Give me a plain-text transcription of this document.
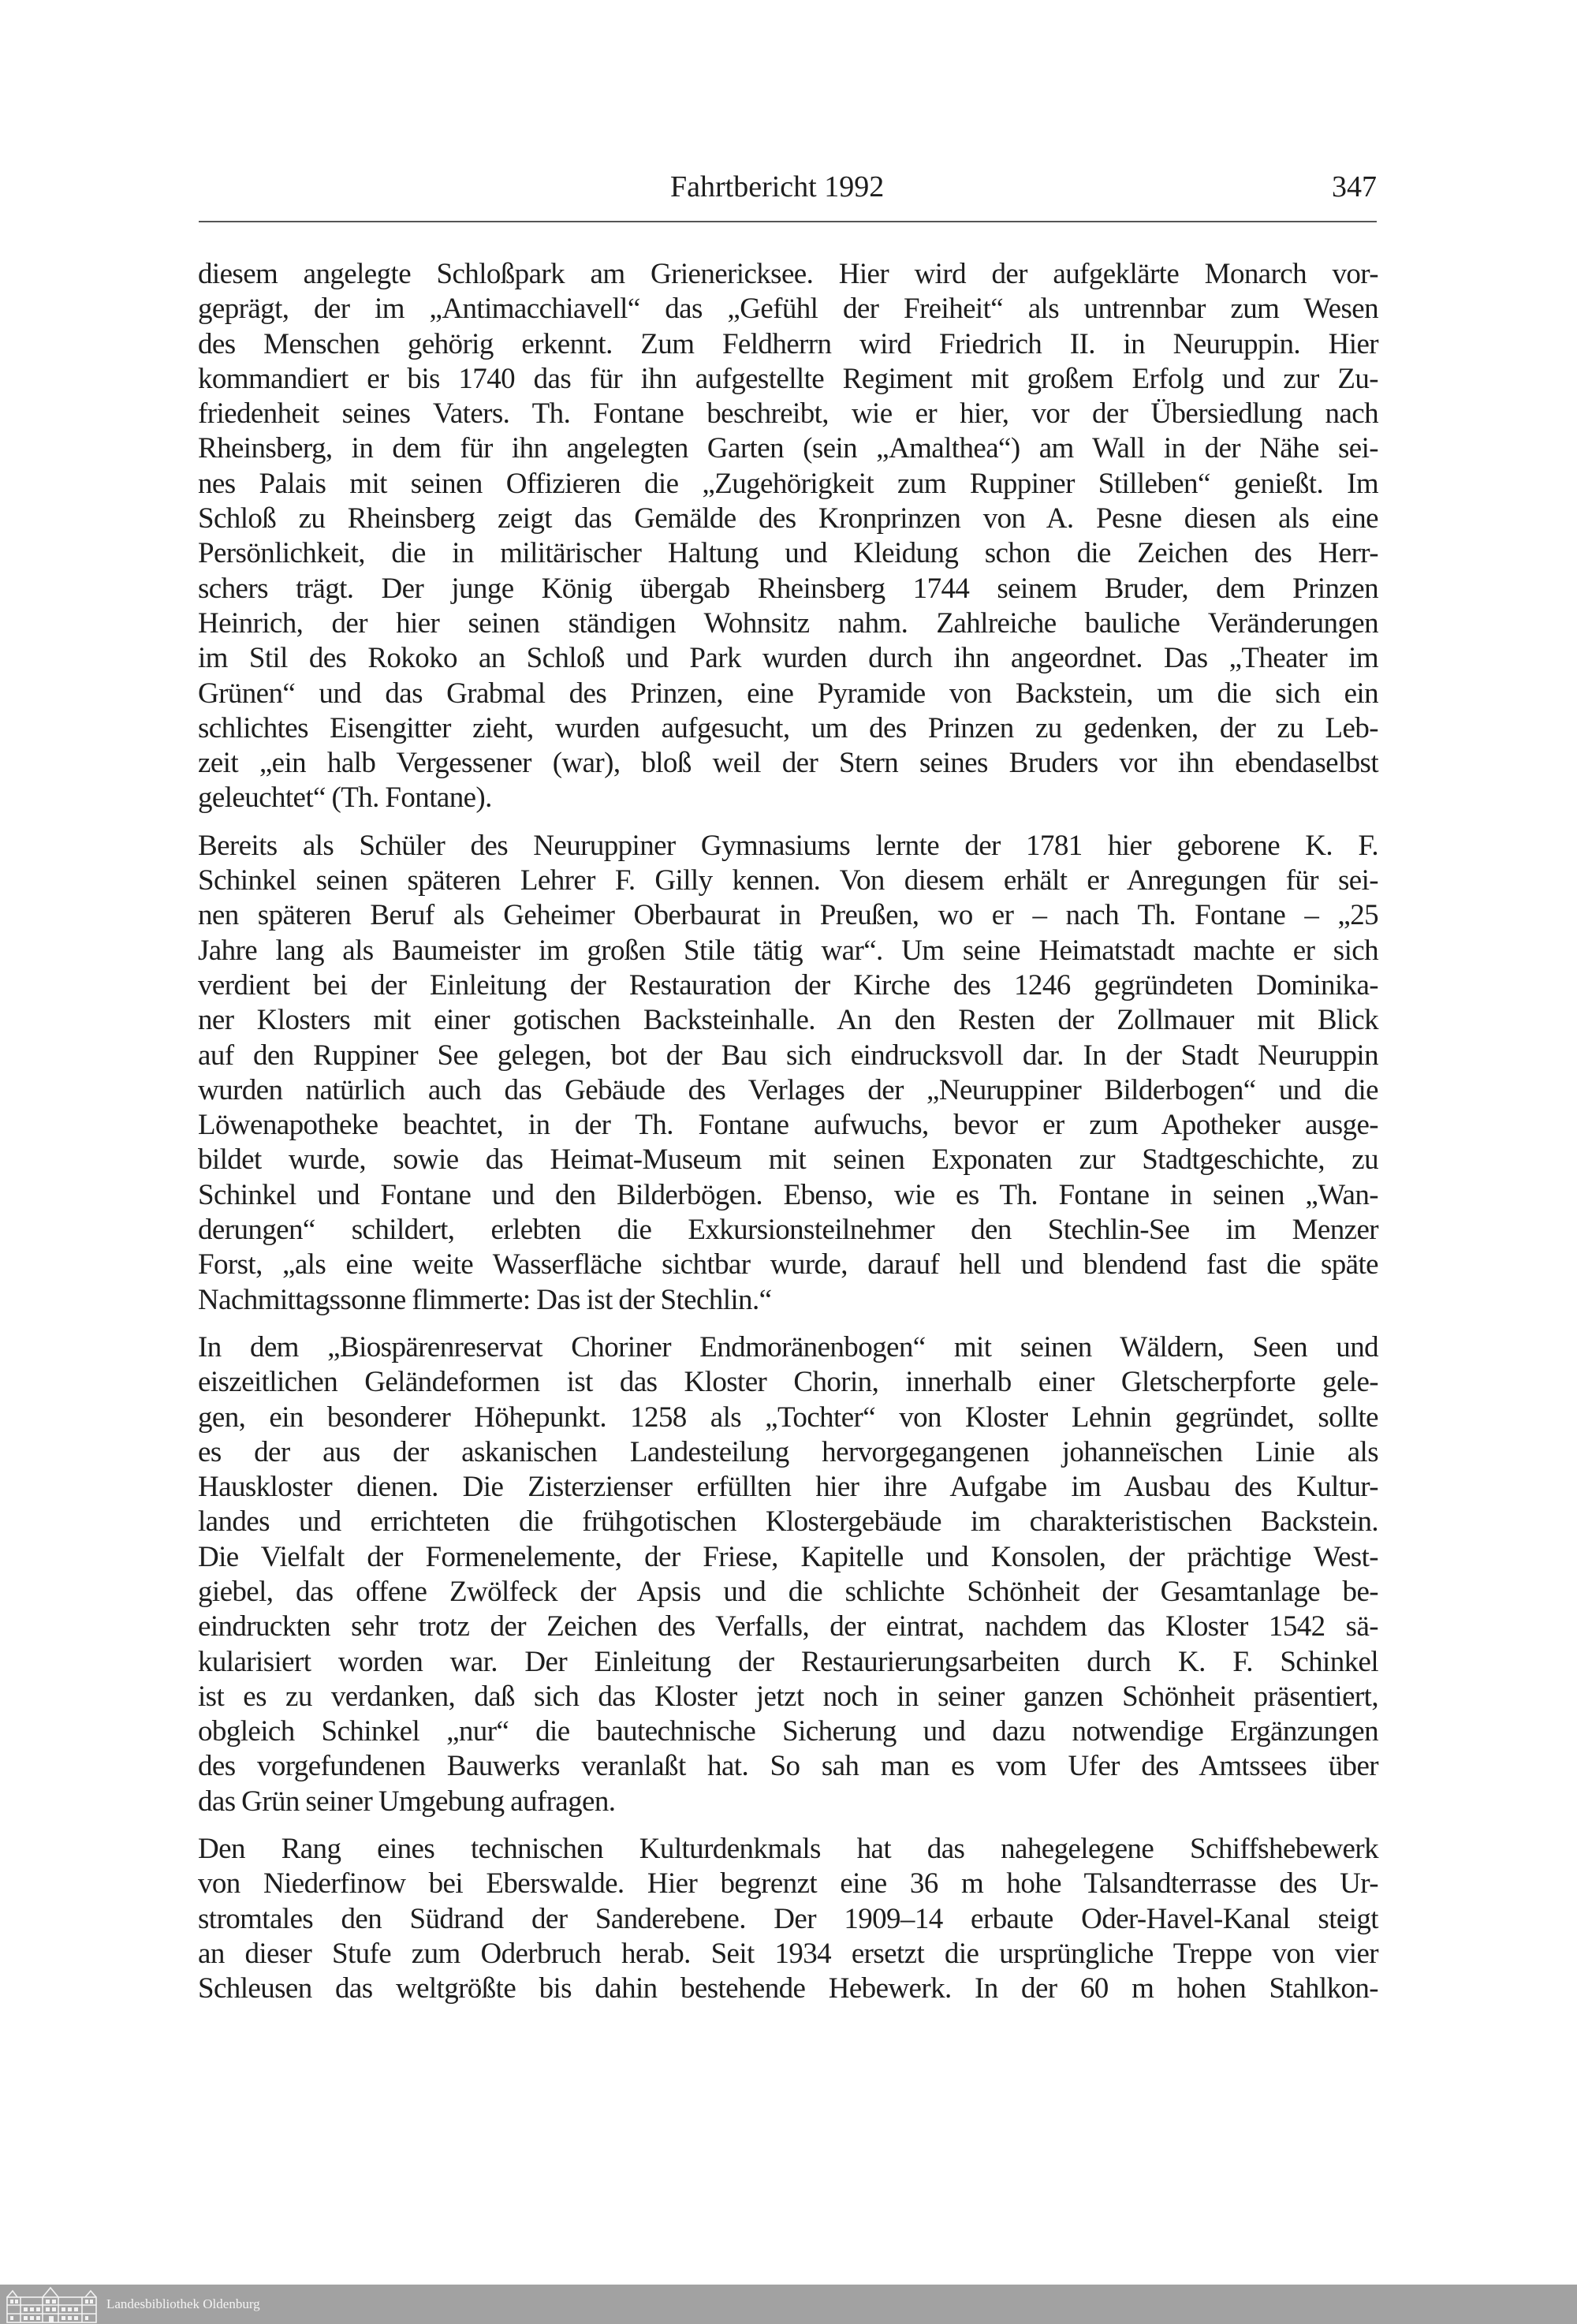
Fahrtbericht 1992	347
diesem angelegte Schloßpark am Grienericksee. Hier wird der aufgeklärte Monarch vor-
geprägt, der im „Antimacchiavell“ das „Gefühl der Freiheit“ als untrennbar zum Wesen
des Menschen gehörig erkennt. Zum Feldherrn wird Friedrich II. in Neuruppin. Hier
kommandiert er bis 1740 das für ihn aufgestellte Regiment mit großem Erfolg und zur Zu-
friedenheit seines Vaters. Th. Fontane beschreibt, wie er hier, vor der Übersiedlung nach
Rheinsberg, in dem für ihn angelegten Garten (sein „Amalthea“) am Wall in der Nähe sei-
nes Palais mit seinen Offizieren die „Zugehörigkeit zum Ruppiner Stilleben“ genießt. Im
Schloß zu Rheinsberg zeigt das Gemälde des Kronprinzen von A. Pesne diesen als eine
Persönlichkeit, die in militärischer Haltung und Kleidung schon die Zeichen des Herr-
schers trägt. Der junge König übergab Rheinsberg 1744 seinem Bruder, dem Prinzen
Heinrich, der hier seinen ständigen Wohnsitz nahm. Zahlreiche bauliche Veränderungen
im Stil des Rokoko an Schloß und Park wurden durch ihn angeordnet. Das „Theater im
Grünen“ und das Grabmal des Prinzen, eine Pyramide von Backstein, um die sich ein
schlichtes Eisengitter zieht, wurden aufgesucht, um des Prinzen zu gedenken, der zu Leb-
zeit „ein halb Vergessener (war), bloß weil der Stern seines Bruders vor ihn ebendaselbst
geleuchtet“ (Th. Fontane).
Bereits als Schüler des Neuruppiner Gymnasiums lernte der 1781 hier geborene K. F.
Schinkel seinen späteren Lehrer F. Gilly kennen. Von diesem erhält er Anregungen für sei-
nen späteren Beruf als Geheimer Oberbaurat in Preußen, wo er – nach Th. Fontane – „25
Jahre lang als Baumeister im großen Stile tätig war“. Um seine Heimatstadt machte er sich
verdient bei der Einleitung der Restauration der Kirche des 1246 gegründeten Dominika-
ner Klosters mit einer gotischen Backsteinhalle. An den Resten der Zollmauer mit Blick
auf den Ruppiner See gelegen, bot der Bau sich eindrucksvoll dar. In der Stadt Neuruppin
wurden natürlich auch das Gebäude des Verlages der „Neuruppiner Bilderbogen“ und die
Löwenapotheke beachtet, in der Th. Fontane aufwuchs, bevor er zum Apotheker ausge-
bildet wurde, sowie das Heimat-Museum mit seinen Exponaten zur Stadtgeschichte, zu
Schinkel und Fontane und den Bilderbögen. Ebenso, wie es Th. Fontane in seinen „Wan-
derungen“ schildert, erlebten die Exkursionsteilnehmer den Stechlin-See im Menzer
Forst, „als eine weite Wasserfläche sichtbar wurde, darauf hell und blendend fast die späte
Nachmittagssonne flimmerte: Das ist der Stechlin.“
In dem „Biospärenreservat Choriner Endmoränenbogen“ mit seinen Wäldern, Seen und
eiszeitlichen Geländeformen ist das Kloster Chorin, innerhalb einer Gletscherpforte gele-
gen, ein besonderer Höhepunkt. 1258 als „Tochter“ von Kloster Lehnin gegründet, sollte
es der aus der askanischen Landesteilung hervorgegangenen johanneïschen Linie als
Hauskloster dienen. Die Zisterzienser erfüllten hier ihre Aufgabe im Ausbau des Kultur-
landes und errichteten die frühgotischen Klostergebäude im charakteristischen Backstein.
Die Vielfalt der Formenelemente, der Friese, Kapitelle und Konsolen, der prächtige West-
giebel, das offene Zwölfeck der Apsis und die schlichte Schönheit der Gesamtanlage be-
eindruckten sehr trotz der Zeichen des Verfalls, der eintrat, nachdem das Kloster 1542 sä-
kularisiert worden war. Der Einleitung der Restaurierungsarbeiten durch K. F. Schinkel
ist es zu verdanken, daß sich das Kloster jetzt noch in seiner ganzen Schönheit präsentiert,
obgleich Schinkel „nur“ die bautechnische Sicherung und dazu notwendige Ergänzungen
des vorgefundenen Bauwerks veranlaßt hat. So sah man es vom Ufer des Amtssees über
das Grün seiner Umgebung aufragen.
Den Rang eines technischen Kulturdenkmals hat das nahegelegene Schiffshebewerk
von Niederfinow bei Eberswalde. Hier begrenzt eine 36 m hohe Talsandterrasse des Ur-
stromtales den Südrand der Sanderebene. Der 1909–14 erbaute Oder-Havel-Kanal steigt
an dieser Stufe zum Oderbruch herab. Seit 1934 ersetzt die ursprüngliche Treppe von vier
Schleusen das weltgrößte bis dahin bestehende Hebewerk. In der 60 m hohen Stahlkon-
Landesbibliothek Oldenburg
